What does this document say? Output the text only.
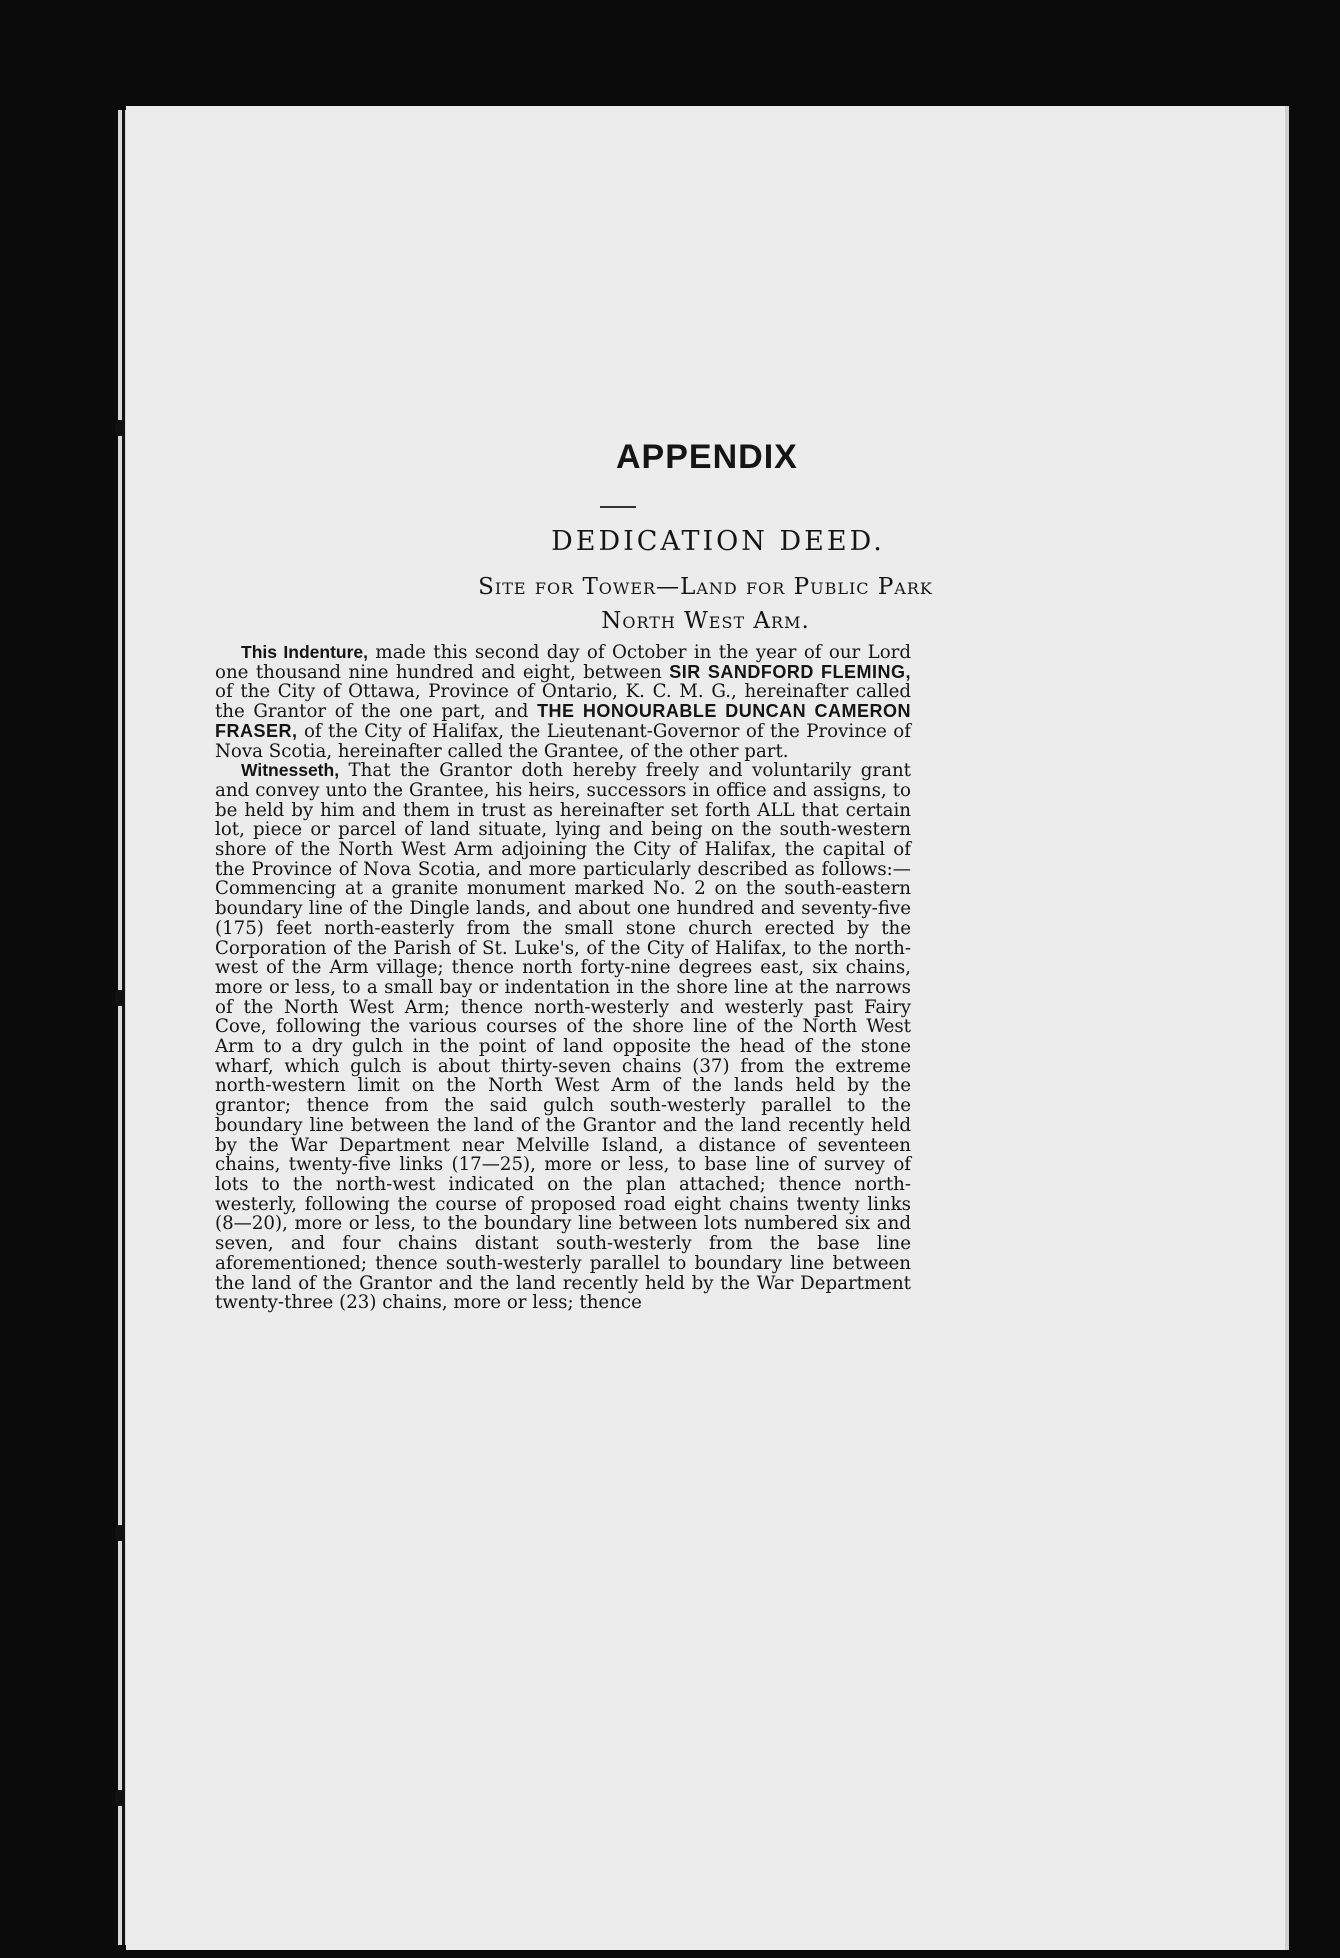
APPENDIX
DEDICATION DEED.
Site for Tower—Land for Public Park
North West Arm.

This Indenture, made this second day of October in the year of our Lord one thousand nine hundred and eight, between SIR SANDFORD FLEMING, of the City of Ottawa, Province of Ontario, K. C. M. G., hereinafter called the Grantor of the one part, and THE HONOURABLE DUNCAN CAMERON FRASER, of the City of Halifax, the Lieutenant-Governor of the Province of Nova Scotia, hereinafter called the Grantee, of the other part.

Witnesseth, That the Grantor doth hereby freely and voluntarily grant and convey unto the Grantee, his heirs, successors in office and assigns, to be held by him and them in trust as hereinafter set forth ALL that certain lot, piece or parcel of land situate, lying and being on the south-western shore of the North West Arm adjoining the City of Halifax, the capital of the Province of Nova Scotia, and more particularly described as follows:—Commencing at a granite monument marked No. 2 on the south-eastern boundary line of the Dingle lands, and about one hundred and seventy-five (175) feet north-easterly from the small stone church erected by the Corporation of the Parish of St. Luke's, of the City of Halifax, to the north-west of the Arm village; thence north forty-nine degrees east, six chains, more or less, to a small bay or indentation in the shore line at the narrows of the North West Arm; thence north-westerly and westerly past Fairy Cove, following the various courses of the shore line of the North West Arm to a dry gulch in the point of land opposite the head of the stone wharf, which gulch is about thirty-seven chains (37) from the extreme north-western limit on the North West Arm of the lands held by the grantor; thence from the said gulch south-westerly parallel to the boundary line between the land of the Grantor and the land recently held by the War Department near Melville Island, a distance of seventeen chains, twenty-five links (17—25), more or less, to base line of survey of lots to the north-west indicated on the plan attached; thence north-westerly, following the course of proposed road eight chains twenty links (8—20), more or less, to the boundary line between lots numbered six and seven, and four chains distant south-westerly from the base line aforementioned; thence south-westerly parallel to boundary line between the land of the Grantor and the land recently held by the War Department twenty-three (23) chains, more or less; thence
